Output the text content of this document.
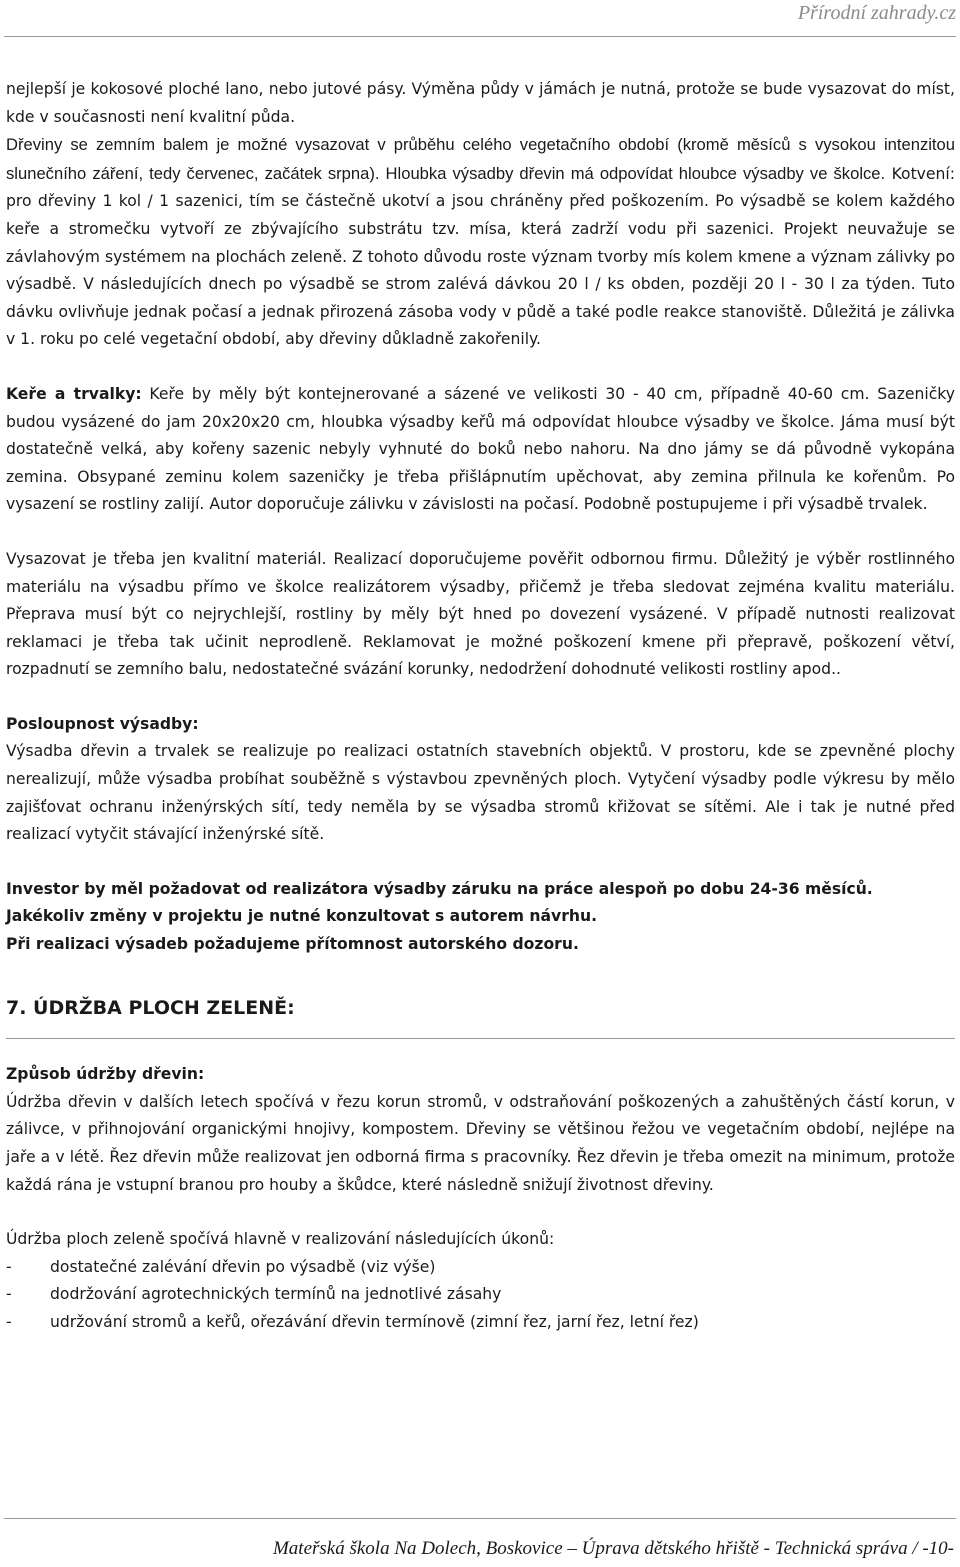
Přírodní zahrady.cz

nejlepší je kokosové ploché lano, nebo jutové pásy. Výměna půdy v jámách je nutná, protože se bude vysazovat do míst, kde v současnosti není kvalitní půda.

Dřeviny se zemním balem je možné vysazovat v průběhu celého vegetačního období (kromě měsíců s vysokou intenzitou slunečního záření, tedy červenec, začátek srpna). Hloubka výsadby dřevin má odpovídat hloubce výsadby ve školce. Kotvení: pro dřeviny 1 kol / 1 sazenici, tím se částečně ukotví a jsou chráněny před poškozením. Po výsadbě se kolem každého keře a stromečku vytvoří ze zbývajícího substrátu tzv. mísa, která zadrží vodu při sazenici. Projekt neuvažuje se závlahovým systémem na plochách zeleně. Z tohoto důvodu roste význam tvorby mís kolem kmene a význam zálivky po výsadbě. V následujících dnech po výsadbě se strom zalévá dávkou 20 l / ks obden, později 20 l - 30 l za týden. Tuto dávku ovlivňuje jednak počasí a jednak přirozená zásoba vody v půdě a také podle reakce stanoviště. Důležitá je zálivka v 1. roku po celé vegetační období, aby dřeviny důkladně zakořenily.

Keře a trvalky: Keře by měly být kontejnerované a sázené ve velikosti 30 - 40 cm, případně 40-60 cm. Sazeničky budou vysázené do jam 20x20x20 cm, hloubka výsadby keřů má odpovídat hloubce výsadby ve školce. Jáma musí být dostatečně velká, aby kořeny sazenic nebyly vyhnuté do boků nebo nahoru. Na dno jámy se dá původně vykopána zemina. Obsypané zeminu kolem sazeničky je třeba přišlápnutím upěchovat, aby zemina přilnula ke kořenům. Po vysazení se rostliny zalijí. Autor doporučuje zálivku v závislosti na počasí. Podobně postupujeme i při výsadbě trvalek.

Vysazovat je třeba jen kvalitní materiál. Realizací doporučujeme pověřit odbornou firmu. Důležitý je výběr rostlinného materiálu na výsadbu přímo ve školce realizátorem výsadby, přičemž je třeba sledovat zejména kvalitu materiálu. Přeprava musí být co nejrychlejší, rostliny by měly být hned po dovezení vysázené. V případě nutnosti realizovat reklamaci je třeba tak učinit neprodleně. Reklamovat je možné poškození kmene při přepravě, poškození větví, rozpadnutí se zemního balu, nedostatečné svázání korunky, nedodržení dohodnuté velikosti rostliny apod..

Posloupnost výsadby:

Výsadba dřevin a trvalek se realizuje po realizaci ostatních stavebních objektů. V prostoru, kde se zpevněné plochy nerealizují, může výsadba probíhat souběžně s výstavbou zpevněných ploch. Vytyčení výsadby podle výkresu by mělo zajišťovat ochranu inženýrských sítí, tedy neměla by se výsadba stromů křižovat se sítěmi. Ale i tak je nutné před realizací vytyčit stávající inženýrské sítě.

Investor by měl požadovat od realizátora výsadby záruku na práce alespoň po dobu 24-36 měsíců.

Jakékoliv změny v projektu je nutné konzultovat s autorem návrhu.

Při realizaci výsadeb požadujeme přítomnost autorského dozoru.

7. ÚDRŽBA PLOCH ZELENĚ:

Způsob údržby dřevin:

Údržba dřevin v dalších letech spočívá v řezu korun stromů, v odstraňování poškozených a zahuštěných částí korun, v zálivce, v přihnojování organickými hnojivy, kompostem. Dřeviny se většinou řežou ve vegetačním období, nejlépe na jaře a v létě. Řez dřevin může realizovat jen odborná firma s pracovníky. Řez dřevin je třeba omezit na minimum, protože každá rána je vstupní branou pro houby a škůdce, které následně snižují životnost dřeviny.

Údržba ploch zeleně spočívá hlavně v realizování následujících úkonů:

-	dostatečné zalévání dřevin po výsadbě (viz výše)
-	dodržování agrotechnických termínů na jednotlivé zásahy
-	udržování stromů a keřů, ořezávání dřevin termínově (zimní řez, jarní řez, letní řez)
Mateřská škola Na Dolech, Boskovice – Úprava dětského hřiště - Technická správa / -10-
